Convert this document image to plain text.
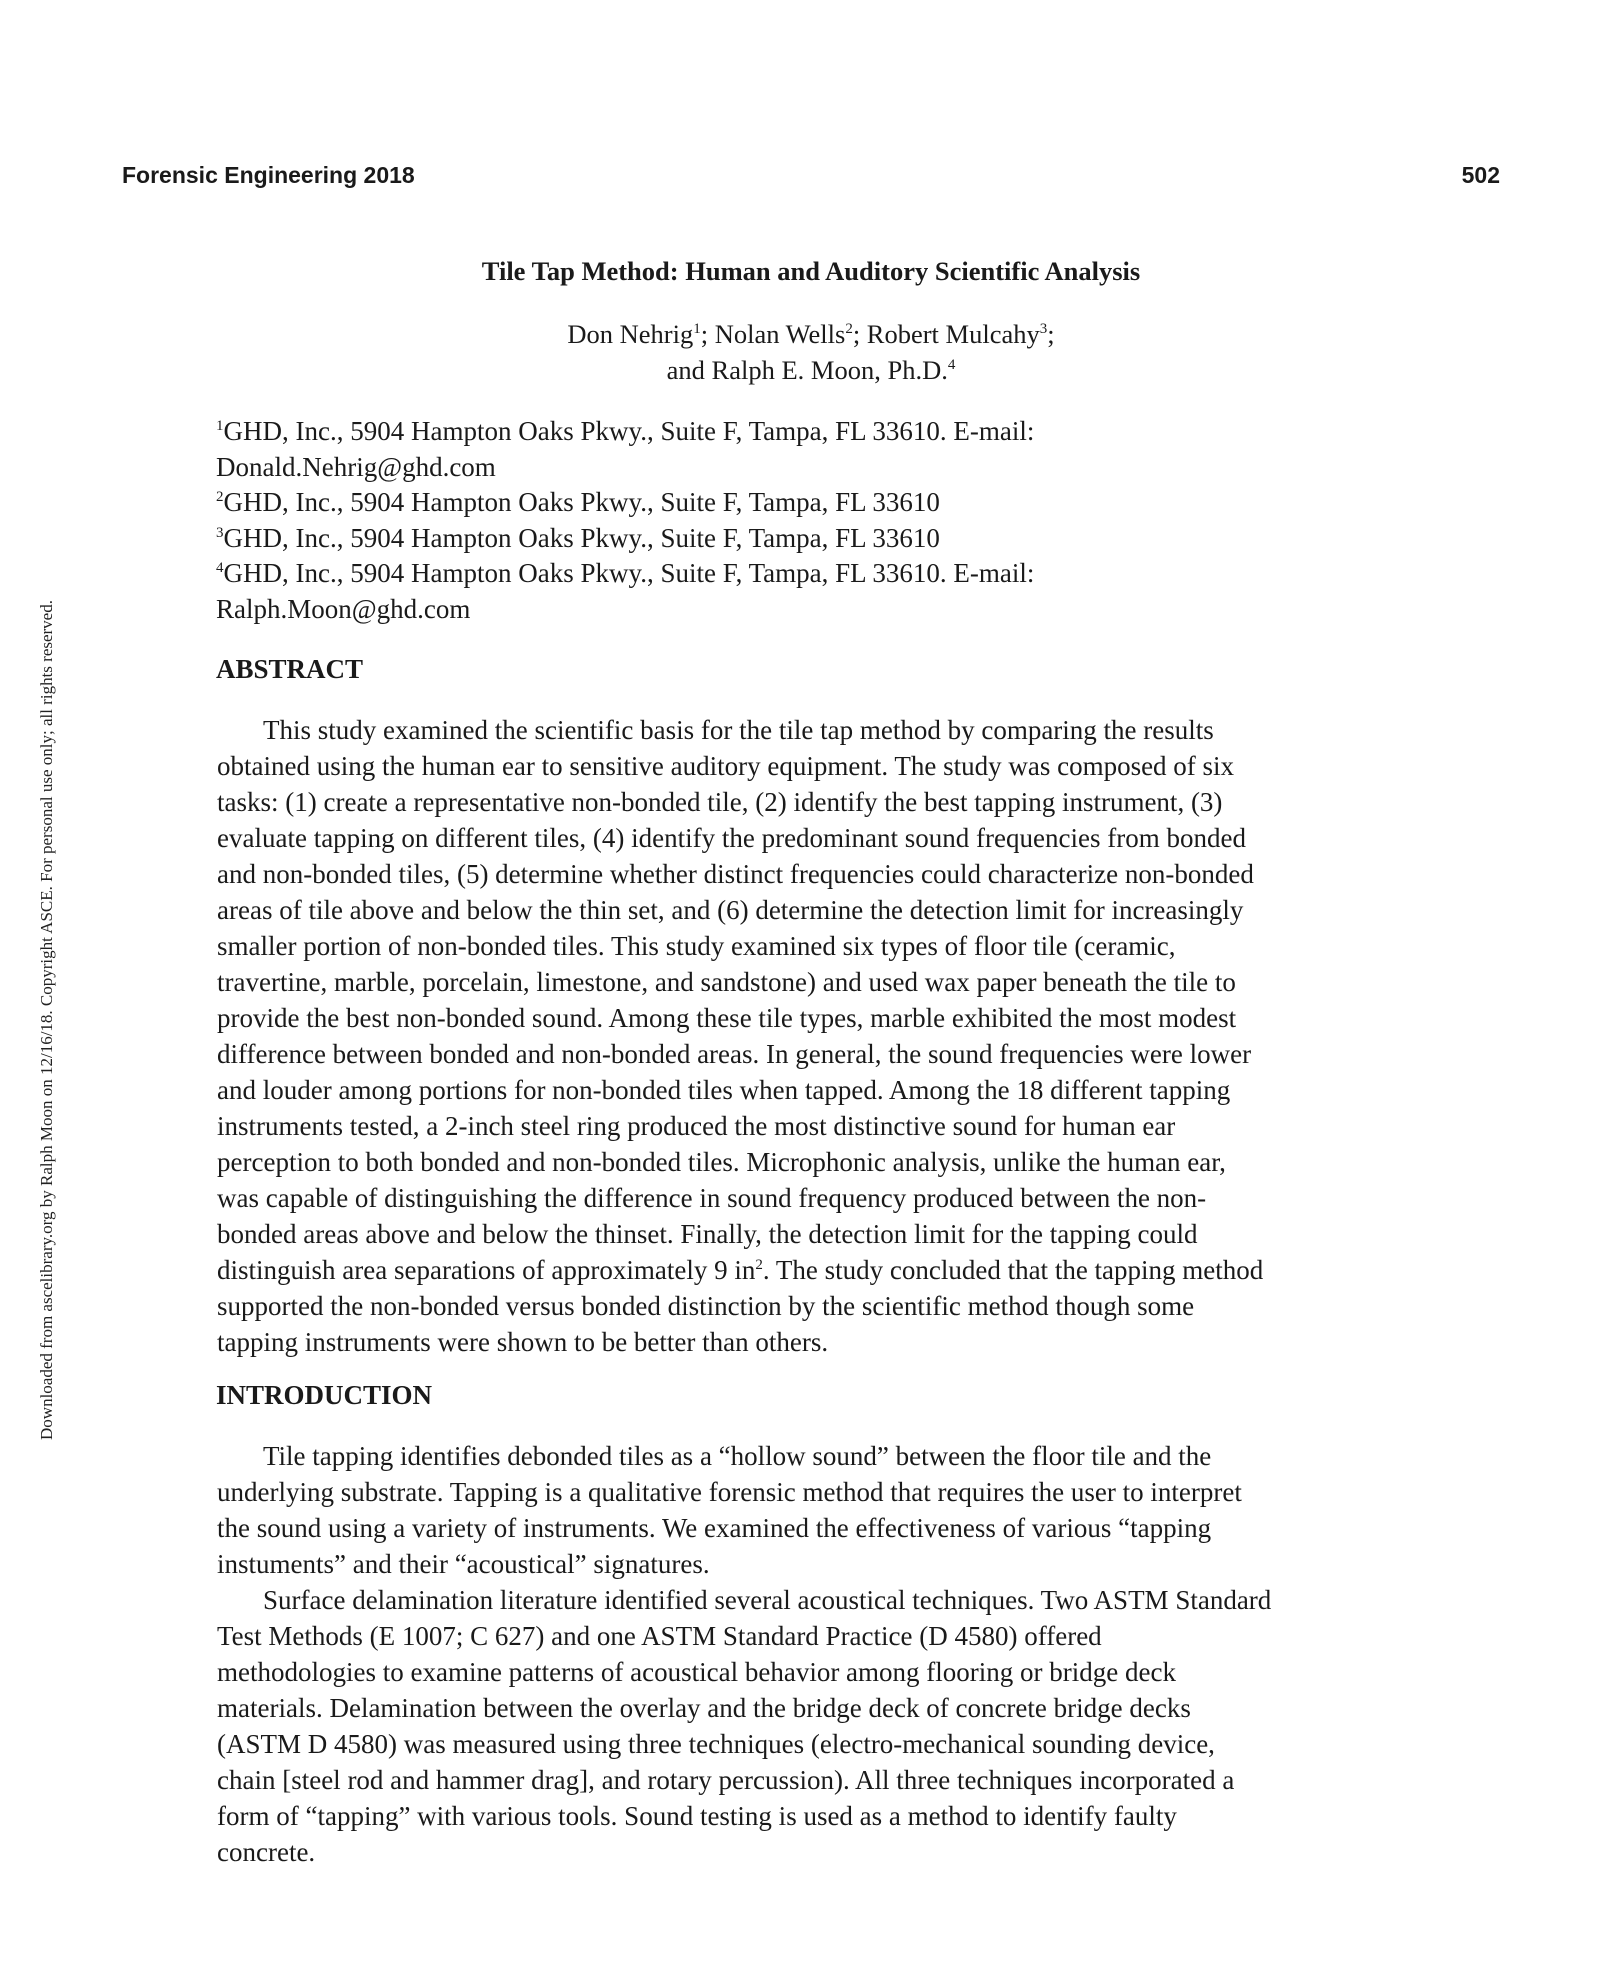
Forensic Engineering 2018	502
Downloaded from ascelibrary.org by Ralph Moon on 12/16/18. Copyright ASCE. For personal use only; all rights reserved.
Tile Tap Method: Human and Auditory Scientific Analysis
Don Nehrig$^1$; Nolan Wells$^2$; Robert Mulcahy$^3$;
and Ralph E. Moon, Ph.D.$^4$
$^1$GHD, Inc., 5904 Hampton Oaks Pkwy., Suite F, Tampa, FL 33610. E-mail:
Donald.Nehrig@ghd.com
$^2$GHD, Inc., 5904 Hampton Oaks Pkwy., Suite F, Tampa, FL 33610
$^3$GHD, Inc., 5904 Hampton Oaks Pkwy., Suite F, Tampa, FL 33610
$^4$GHD, Inc., 5904 Hampton Oaks Pkwy., Suite F, Tampa, FL 33610. E-mail:
Ralph.Moon@ghd.com
ABSTRACT
This study examined the scientific basis for the tile tap method by comparing the results
obtained using the human ear to sensitive auditory equipment. The study was composed of six
tasks: (1) create a representative non-bonded tile, (2) identify the best tapping instrument, (3)
evaluate tapping on different tiles, (4) identify the predominant sound frequencies from bonded
and non-bonded tiles, (5) determine whether distinct frequencies could characterize non-bonded
areas of tile above and below the thin set, and (6) determine the detection limit for increasingly
smaller portion of non-bonded tiles. This study examined six types of floor tile (ceramic,
travertine, marble, porcelain, limestone, and sandstone) and used wax paper beneath the tile to
provide the best non-bonded sound. Among these tile types, marble exhibited the most modest
difference between bonded and non-bonded areas. In general, the sound frequencies were lower
and louder among portions for non-bonded tiles when tapped. Among the 18 different tapping
instruments tested, a 2-inch steel ring produced the most distinctive sound for human ear
perception to both bonded and non-bonded tiles. Microphonic analysis, unlike the human ear,
was capable of distinguishing the difference in sound frequency produced between the non-
bonded areas above and below the thinset. Finally, the detection limit for the tapping could
distinguish area separations of approximately 9 $in^2$. The study concluded that the tapping method
supported the non-bonded versus bonded distinction by the scientific method though some
tapping instruments were shown to be better than others.
INTRODUCTION
Tile tapping identifies debonded tiles as a “hollow sound” between the floor tile and the
underlying substrate. Tapping is a qualitative forensic method that requires the user to interpret
the sound using a variety of instruments. We examined the effectiveness of various “tapping
instuments” and their “acoustical” signatures.
Surface delamination literature identified several acoustical techniques. Two ASTM Standard
Test Methods (E 1007; C 627) and one ASTM Standard Practice (D 4580) offered
methodologies to examine patterns of acoustical behavior among flooring or bridge deck
materials. Delamination between the overlay and the bridge deck of concrete bridge decks
(ASTM D 4580) was measured using three techniques (electro-mechanical sounding device,
chain [steel rod and hammer drag], and rotary percussion). All three techniques incorporated a
form of “tapping” with various tools. Sound testing is used as a method to identify faulty
concrete.
